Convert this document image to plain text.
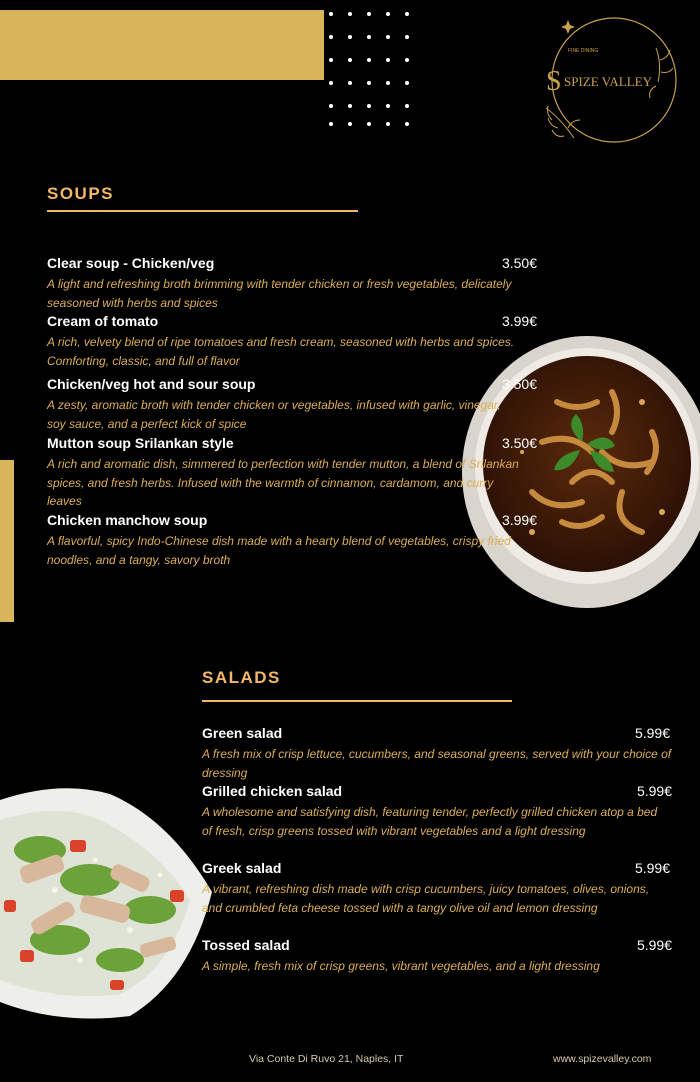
S SPIZE VALLEY
FINE DINING
SOUPS
Clear soup - Chicken/veg	3.50€
A light and refreshing broth brimming with tender chicken or fresh vegetables, delicately seasoned with herbs and spices
Cream of tomato	3.99€
A rich, velvety blend of ripe tomatoes and fresh cream, seasoned with herbs and spices. Comforting, classic, and full of flavor
Chicken/veg hot and sour soup	3.50€
A zesty, aromatic broth with tender chicken or vegetables, infused with garlic, vinegar, soy sauce, and a perfect kick of spice
Mutton soup Srilankan style	3.50€
A rich and aromatic dish, simmered to perfection with tender mutton, a blend of Srilankan spices, and fresh herbs. Infused with the warmth of cinnamon, cardamom, and curry leaves
Chicken manchow soup	3.99€
A flavorful, spicy Indo-Chinese dish made with a hearty blend of vegetables, crispy fried noodles, and a tangy, savory broth
SALADS
Green salad	5.99€
A fresh mix of crisp lettuce, cucumbers, and seasonal greens, served with your choice of dressing
Grilled chicken salad	5.99€
A wholesome and satisfying dish, featuring tender, perfectly grilled chicken atop a bed of fresh, crisp greens tossed with vibrant vegetables and a light dressing
Greek salad	5.99€
A vibrant, refreshing dish made with crisp cucumbers, juicy tomatoes, olives, onions, and crumbled feta cheese tossed with a tangy olive oil and lemon dressing
Tossed salad	5.99€
A simple, fresh mix of crisp greens, vibrant vegetables, and a light dressing
Via Conte Di Ruvo 21, Naples, IT	www.spizevalley.com
